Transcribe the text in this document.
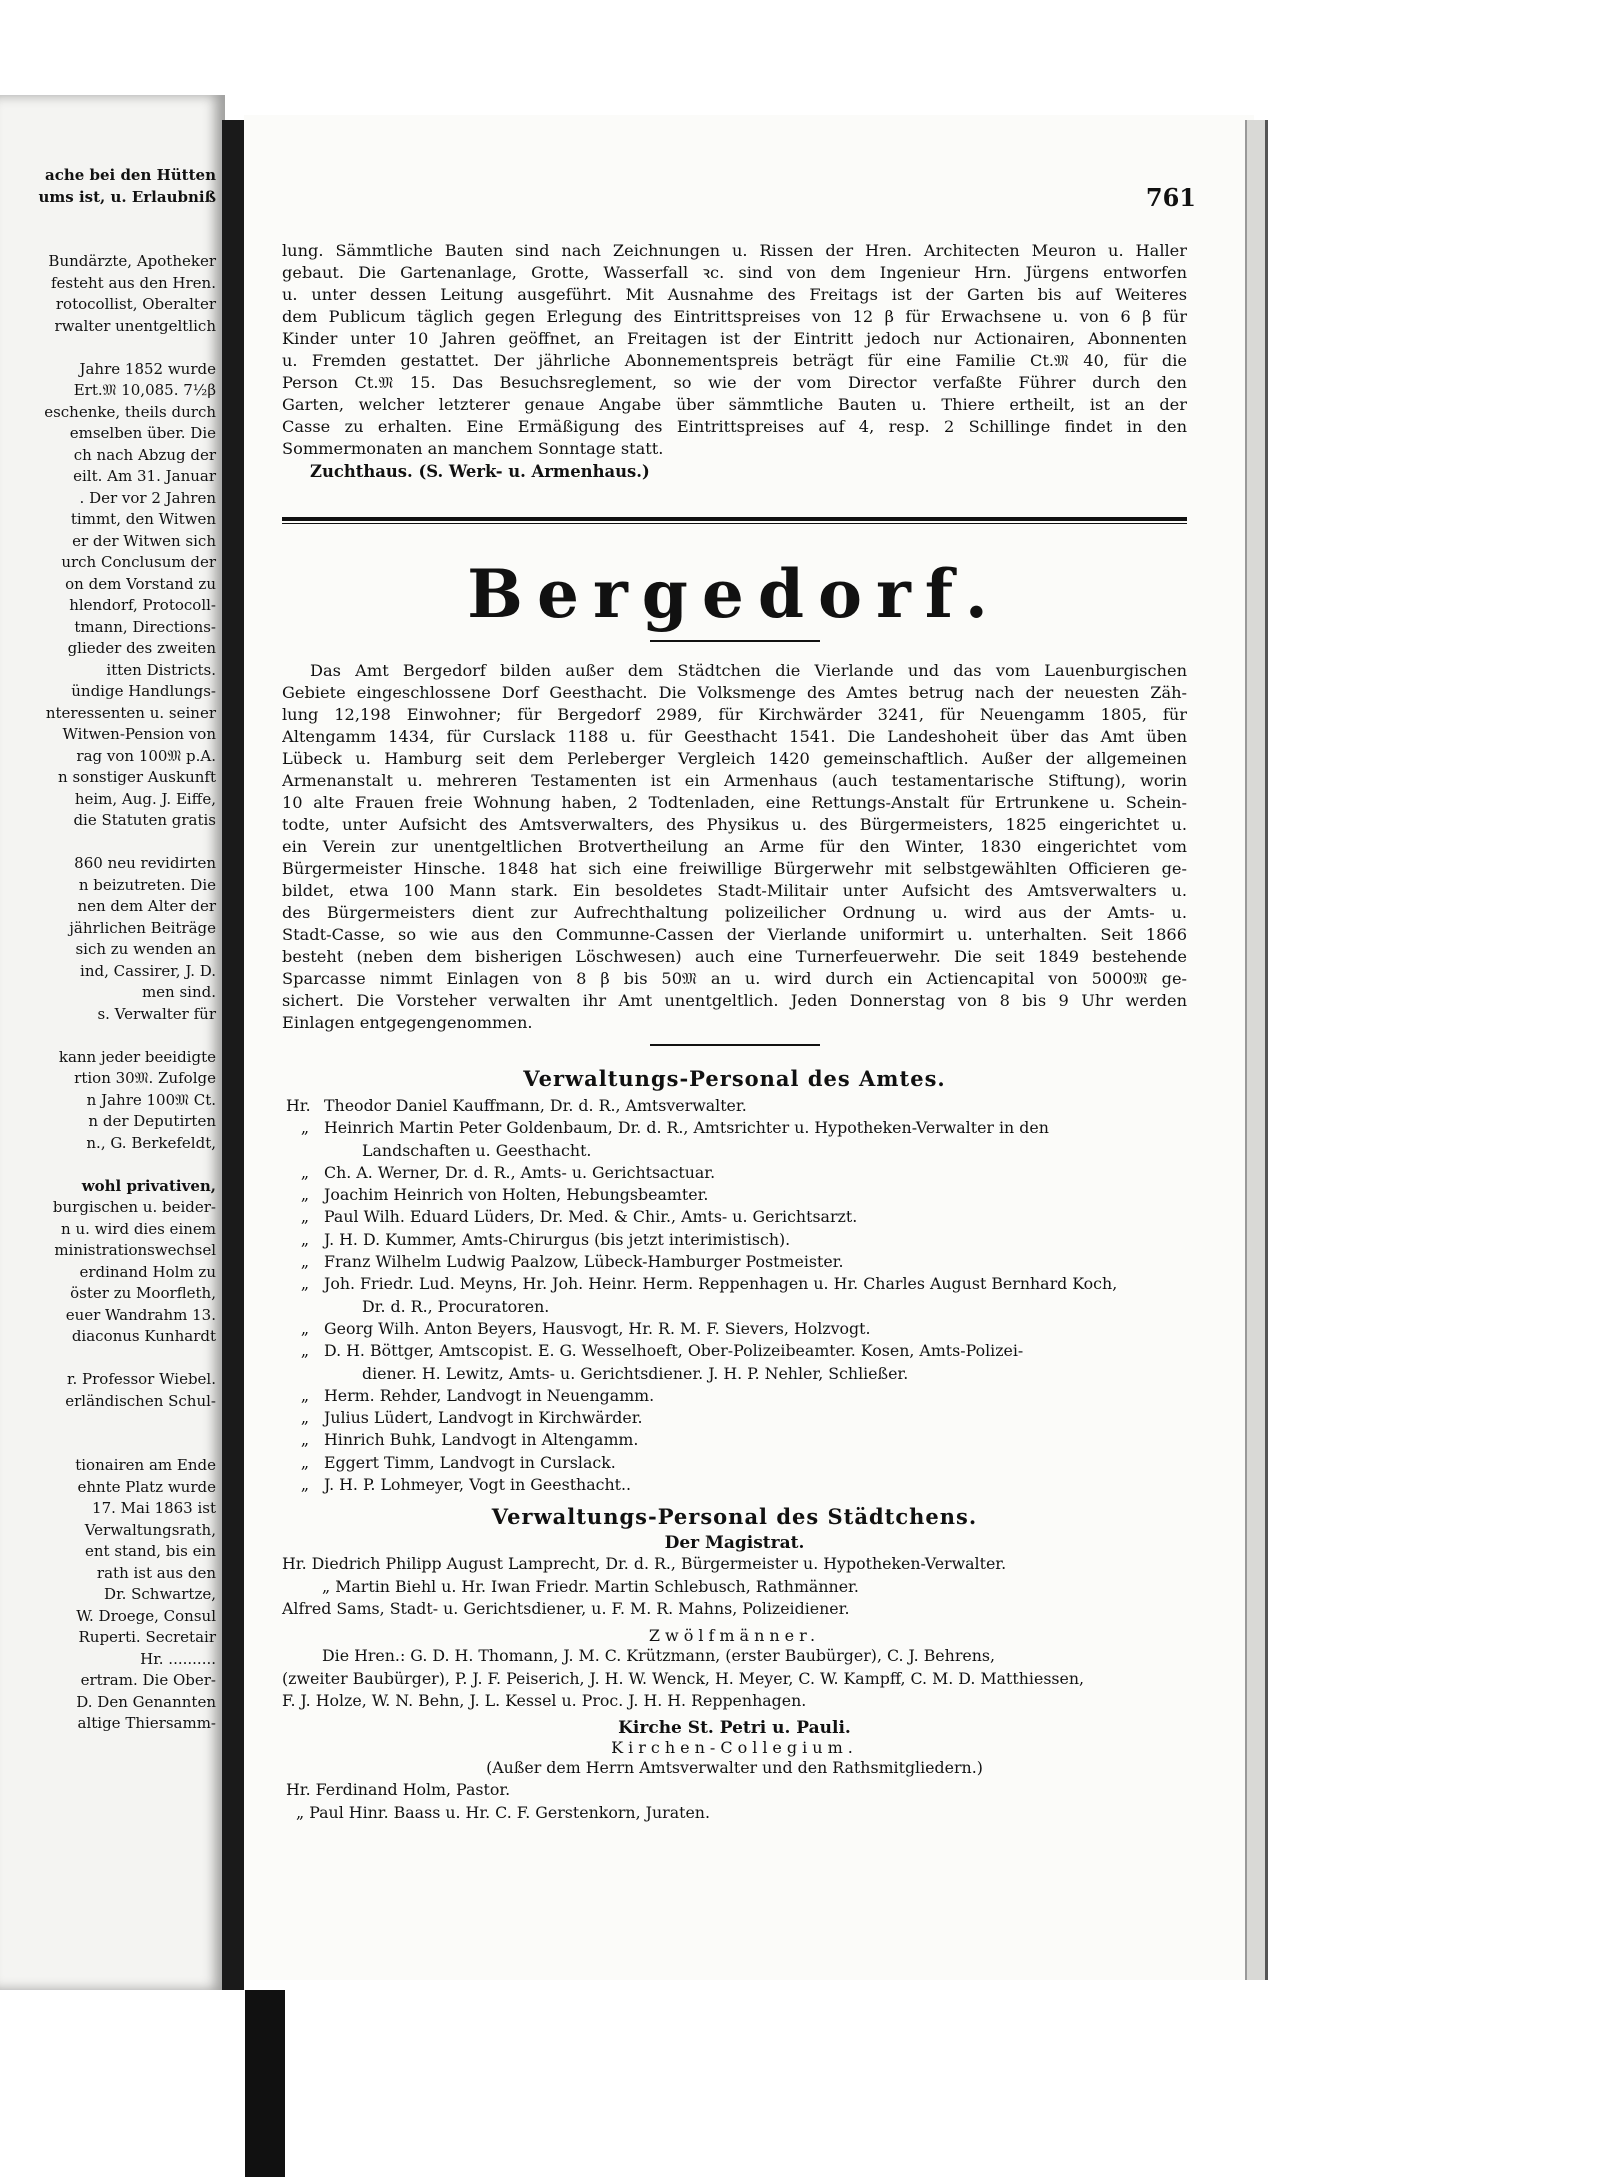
ache bei den Hütten
ums ist, u. Erlaubniß

Bundärzte, Apotheker
festeht aus den Hren.
rotocollist, Oberalter
rwalter unentgeltlich

Jahre 1852 wurde
Ert.𝔐 10,085. 7½β
eschenke, theils durch
emselben über. Die
ch nach Abzug der
eilt. Am 31. Januar
. Der vor 2 Jahren
timmt, den Witwen
er der Witwen sich
urch Conclusum der
on dem Vorstand zu
hlendorf, Protocoll-
tmann, Directions-
glieder des zweiten
itten Districts.
ündige Handlungs-
nteressenten u. seiner
Witwen-Pension von
rag von 100𝔐 p.A.
n sonstiger Auskunft
heim, Aug. J. Eiffe,
die Statuten gratis

860 neu revidirten
n beizutreten. Die
nen dem Alter der
jährlichen Beiträge
sich zu wenden an
ind, Cassirer, J. D.
men sind.
s. Verwalter für

kann jeder beeidigte
rtion 30𝔐. Zufolge
n Jahre 100𝔐 Ct.
n der Deputirten
n., G. Berkefeldt,

wohl privativen,
burgischen u. beider-
n u. wird dies einem
ministrationswechsel
erdinand Holm zu
öster zu Moorfleth,
euer Wandrahm 13.
diaconus Kunhardt

r. Professor Wiebel.
erländischen Schul-

tionairen am Ende
ehnte Platz wurde
17. Mai 1863 ist
Verwaltungsrath,
ent stand, bis ein
rath ist aus den
Dr. Schwartze,
W. Droege, Consul
Ruperti. Secretair
Hr. ..........
ertram. Die Ober-
D. Den Genannten
altige Thiersamm-
761
lung. Sämmtliche Bauten sind nach Zeichnungen u. Rissen der Hren. Architecten Meuron u. Haller
gebaut. Die Gartenanlage, Grotte, Wasserfall ꝛc. sind von dem Ingenieur Hrn. Jürgens entworfen
u. unter dessen Leitung ausgeführt. Mit Ausnahme des Freitags ist der Garten bis auf Weiteres
dem Publicum täglich gegen Erlegung des Eintrittspreises von 12 β für Erwachsene u. von 6 β für
Kinder unter 10 Jahren geöffnet, an Freitagen ist der Eintritt jedoch nur Actionairen, Abonnenten
u. Fremden gestattet. Der jährliche Abonnementspreis beträgt für eine Familie Ct.𝔐 40, für die
Person Ct.𝔐 15. Das Besuchsreglement, so wie der vom Director verfaßte Führer durch den
Garten, welcher letzterer genaue Angabe über sämmtliche Bauten u. Thiere ertheilt, ist an der
Casse zu erhalten. Eine Ermäßigung des Eintrittspreises auf 4, resp. 2 Schillinge findet in den
Sommermonaten an manchem Sonntage statt.
Zuchthaus. (S. Werk- u. Armenhaus.)
Bergedorf.
Das Amt Bergedorf bilden außer dem Städtchen die Vierlande und das vom Lauenburgischen
Gebiete eingeschlossene Dorf Geesthacht. Die Volksmenge des Amtes betrug nach der neuesten Zäh-
lung 12,198 Einwohner; für Bergedorf 2989, für Kirchwärder 3241, für Neuengamm 1805, für
Altengamm 1434, für Curslack 1188 u. für Geesthacht 1541. Die Landeshoheit über das Amt üben
Lübeck u. Hamburg seit dem Perleberger Vergleich 1420 gemeinschaftlich. Außer der allgemeinen
Armenanstalt u. mehreren Testamenten ist ein Armenhaus (auch testamentarische Stiftung), worin
10 alte Frauen freie Wohnung haben, 2 Todtenladen, eine Rettungs-Anstalt für Ertrunkene u. Schein-
todte, unter Aufsicht des Amtsverwalters, des Physikus u. des Bürgermeisters, 1825 eingerichtet u.
ein Verein zur unentgeltlichen Brotvertheilung an Arme für den Winter, 1830 eingerichtet vom
Bürgermeister Hinsche. 1848 hat sich eine freiwillige Bürgerwehr mit selbstgewählten Officieren ge-
bildet, etwa 100 Mann stark. Ein besoldetes Stadt-Militair unter Aufsicht des Amtsverwalters u.
des Bürgermeisters dient zur Aufrechthaltung polizeilicher Ordnung u. wird aus der Amts- u.
Stadt-Casse, so wie aus den Communne-Cassen der Vierlande uniformirt u. unterhalten. Seit 1866
besteht (neben dem bisherigen Löschwesen) auch eine Turnerfeuerwehr. Die seit 1849 bestehende
Sparcasse nimmt Einlagen von 8 β bis 50𝔐 an u. wird durch ein Actiencapital von 5000𝔐 ge-
sichert. Die Vorsteher verwalten ihr Amt unentgeltlich. Jeden Donnerstag von 8 bis 9 Uhr werden
Einlagen entgegengenommen.
Verwaltungs-Personal des Amtes.
Hr. Theodor Daniel Kauffmann, Dr. d. R., Amtsverwalter.
„ Heinrich Martin Peter Goldenbaum, Dr. d. R., Amtsrichter u. Hypotheken-Verwalter in den
Landschaften u. Geesthacht.
„ Ch. A. Werner, Dr. d. R., Amts- u. Gerichtsactuar.
„ Joachim Heinrich von Holten, Hebungsbeamter.
„ Paul Wilh. Eduard Lüders, Dr. Med. & Chir., Amts- u. Gerichtsarzt.
„ J. H. D. Kummer, Amts-Chirurgus (bis jetzt interimistisch).
„ Franz Wilhelm Ludwig Paalzow, Lübeck-Hamburger Postmeister.
„ Joh. Friedr. Lud. Meyns, Hr. Joh. Heinr. Herm. Reppenhagen u. Hr. Charles August Bernhard Koch,
Dr. d. R., Procuratoren.
„ Georg Wilh. Anton Beyers, Hausvogt, Hr. R. M. F. Sievers, Holzvogt.
„ D. H. Böttger, Amtscopist. E. G. Wesselhoeft, Ober-Polizeibeamter. Kosen, Amts-Polizei-
diener. H. Lewitz, Amts- u. Gerichtsdiener. J. H. P. Nehler, Schließer.
„ Herm. Rehder, Landvogt in Neuengamm.
„ Julius Lüdert, Landvogt in Kirchwärder.
„ Hinrich Buhk, Landvogt in Altengamm.
„ Eggert Timm, Landvogt in Curslack.
„ J. H. P. Lohmeyer, Vogt in Geesthacht..
Verwaltungs-Personal des Städtchens.
Der Magistrat.
Hr. Diedrich Philipp August Lamprecht, Dr. d. R., Bürgermeister u. Hypotheken-Verwalter.
„ Martin Biehl u. Hr. Iwan Friedr. Martin Schlebusch, Rathmänner.
Alfred Sams, Stadt- u. Gerichtsdiener, u. F. M. R. Mahns, Polizeidiener.
Zwölfmänner.
Die Hren.: G. D. H. Thomann, J. M. C. Krützmann, (erster Baubürger), C. J. Behrens,
(zweiter Baubürger), P. J. F. Peiserich, J. H. W. Wenck, H. Meyer, C. W. Kampff, C. M. D. Matthiessen,
F. J. Holze, W. N. Behn, J. L. Kessel u. Proc. J. H. H. Reppenhagen.
Kirche St. Petri u. Pauli.
Kirchen-Collegium.
(Außer dem Herrn Amtsverwalter und den Rathsmitgliedern.)
Hr. Ferdinand Holm, Pastor.
„ Paul Hinr. Baass u. Hr. C. F. Gerstenkorn, Juraten.
